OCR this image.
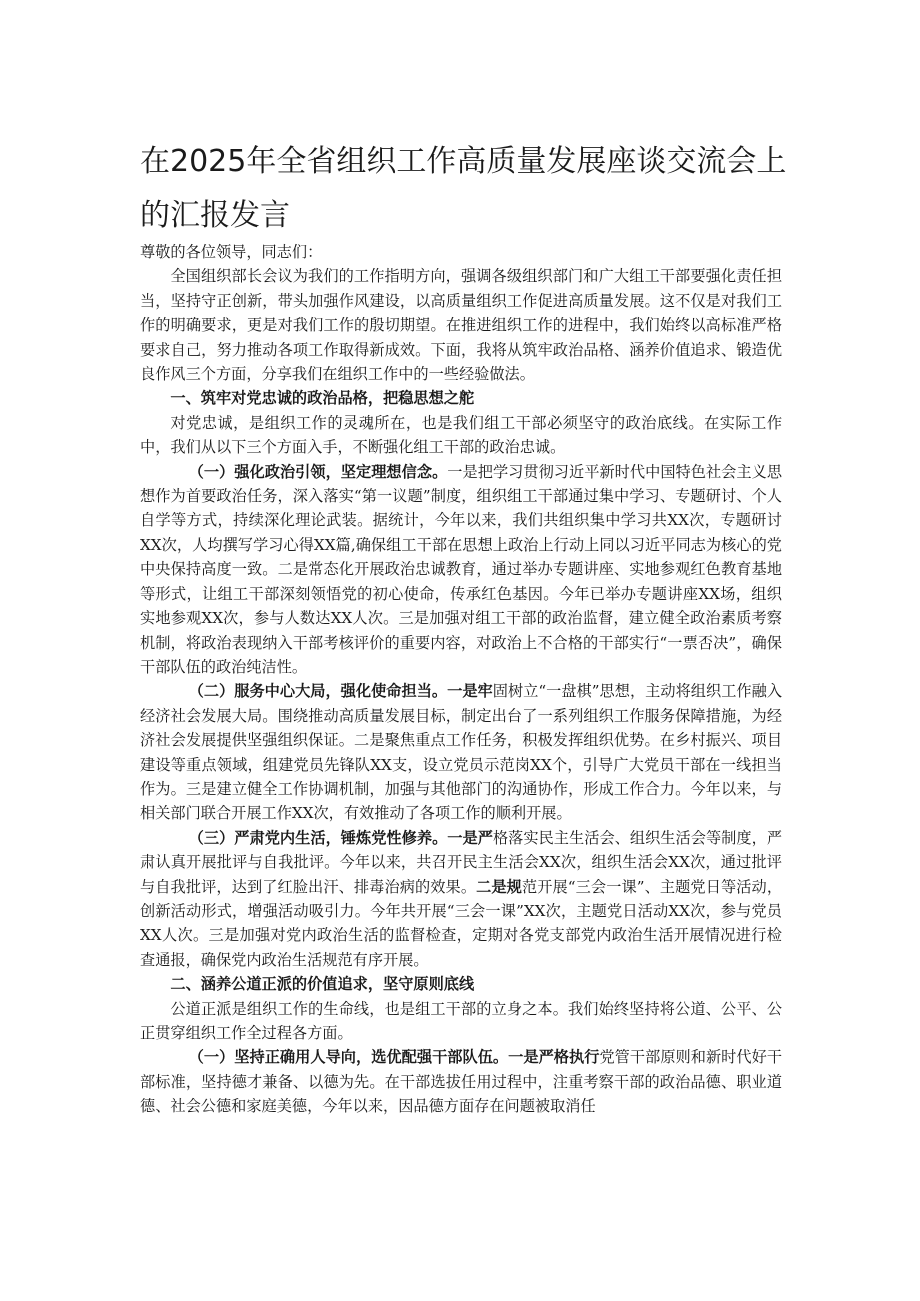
在2025年全省组织工作高质量发展座谈交流会上的汇报发言

尊敬的各位领导，同志们：

全国组织部长会议为我们的工作指明方向，强调各级组织部门和广大组工干部要强化责任担当，坚持守正创新，带头加强作风建设，以高质量组织工作促进高质量发展。这不仅是对我们工作的明确要求，更是对我们工作的殷切期望。在推进组织工作的进程中，我们始终以高标准严格要求自己，努力推动各项工作取得新成效。下面，我将从筑牢政治品格、涵养价值追求、锻造优良作风三个方面，分享我们在组织工作中的一些经验做法。

一、筑牢对党忠诚的政治品格，把稳思想之舵

对党忠诚，是组织工作的灵魂所在，也是我们组工干部必须坚守的政治底线。在实际工作中，我们从以下三个方面入手，不断强化组工干部的政治忠诚。

（一）强化政治引领，坚定理想信念。一是把学习贯彻习近平新时代中国特色社会主义思想作为首要政治任务，深入落实“第一议题”制度，组织组工干部通过集中学习、专题研讨、个人自学等方式，持续深化理论武装。据统计，今年以来，我们共组织集中学习共XX次，专题研讨XX次，人均撰写学习心得XX篇,确保组工干部在思想上政治上行动上同以习近平同志为核心的党中央保持高度一致。二是常态化开展政治忠诚教育，通过举办专题讲座、实地参观红色教育基地等形式，让组工干部深刻领悟党的初心使命，传承红色基因。今年已举办专题讲座XX场，组织实地参观XX次，参与人数达XX人次。三是加强对组工干部的政治监督，建立健全政治素质考察机制，将政治表现纳入干部考核评价的重要内容，对政治上不合格的干部实行“一票否决”，确保干部队伍的政治纯洁性。

（二）服务中心大局，强化使命担当。一是牢固树立“一盘棋”思想，主动将组织工作融入经济社会发展大局。围绕推动高质量发展目标，制定出台了一系列组织工作服务保障措施，为经济社会发展提供坚强组织保证。二是聚焦重点工作任务，积极发挥组织优势。在乡村振兴、项目建设等重点领域，组建党员先锋队XX支，设立党员示范岗XX个，引导广大党员干部在一线担当作为。三是建立健全工作协调机制，加强与其他部门的沟通协作，形成工作合力。今年以来，与相关部门联合开展工作XX次，有效推动了各项工作的顺利开展。

（三）严肃党内生活，锤炼党性修养。一是严格落实民主生活会、组织生活会等制度，严肃认真开展批评与自我批评。今年以来，共召开民主生活会XX次，组织生活会XX次，通过批评与自我批评，达到了红脸出汗、排毒治病的效果。二是规范开展“三会一课”、主题党日等活动，创新活动形式，增强活动吸引力。今年共开展“三会一课”XX次，主题党日活动XX次，参与党员XX人次。三是加强对党内政治生活的监督检查，定期对各党支部党内政治生活开展情况进行检查通报，确保党内政治生活规范有序开展。

二、涵养公道正派的价值追求，坚守原则底线

公道正派是组织工作的生命线，也是组工干部的立身之本。我们始终坚持将公道、公平、公正贯穿组织工作全过程各方面。

（一）坚持正确用人导向，选优配强干部队伍。一是严格执行党管干部原则和新时代好干部标准，坚持德才兼备、以德为先。在干部选拔任用过程中，注重考察干部的政治品德、职业道德、社会公德和家庭美德，今年以来，因品德方面存在问题被取消任
